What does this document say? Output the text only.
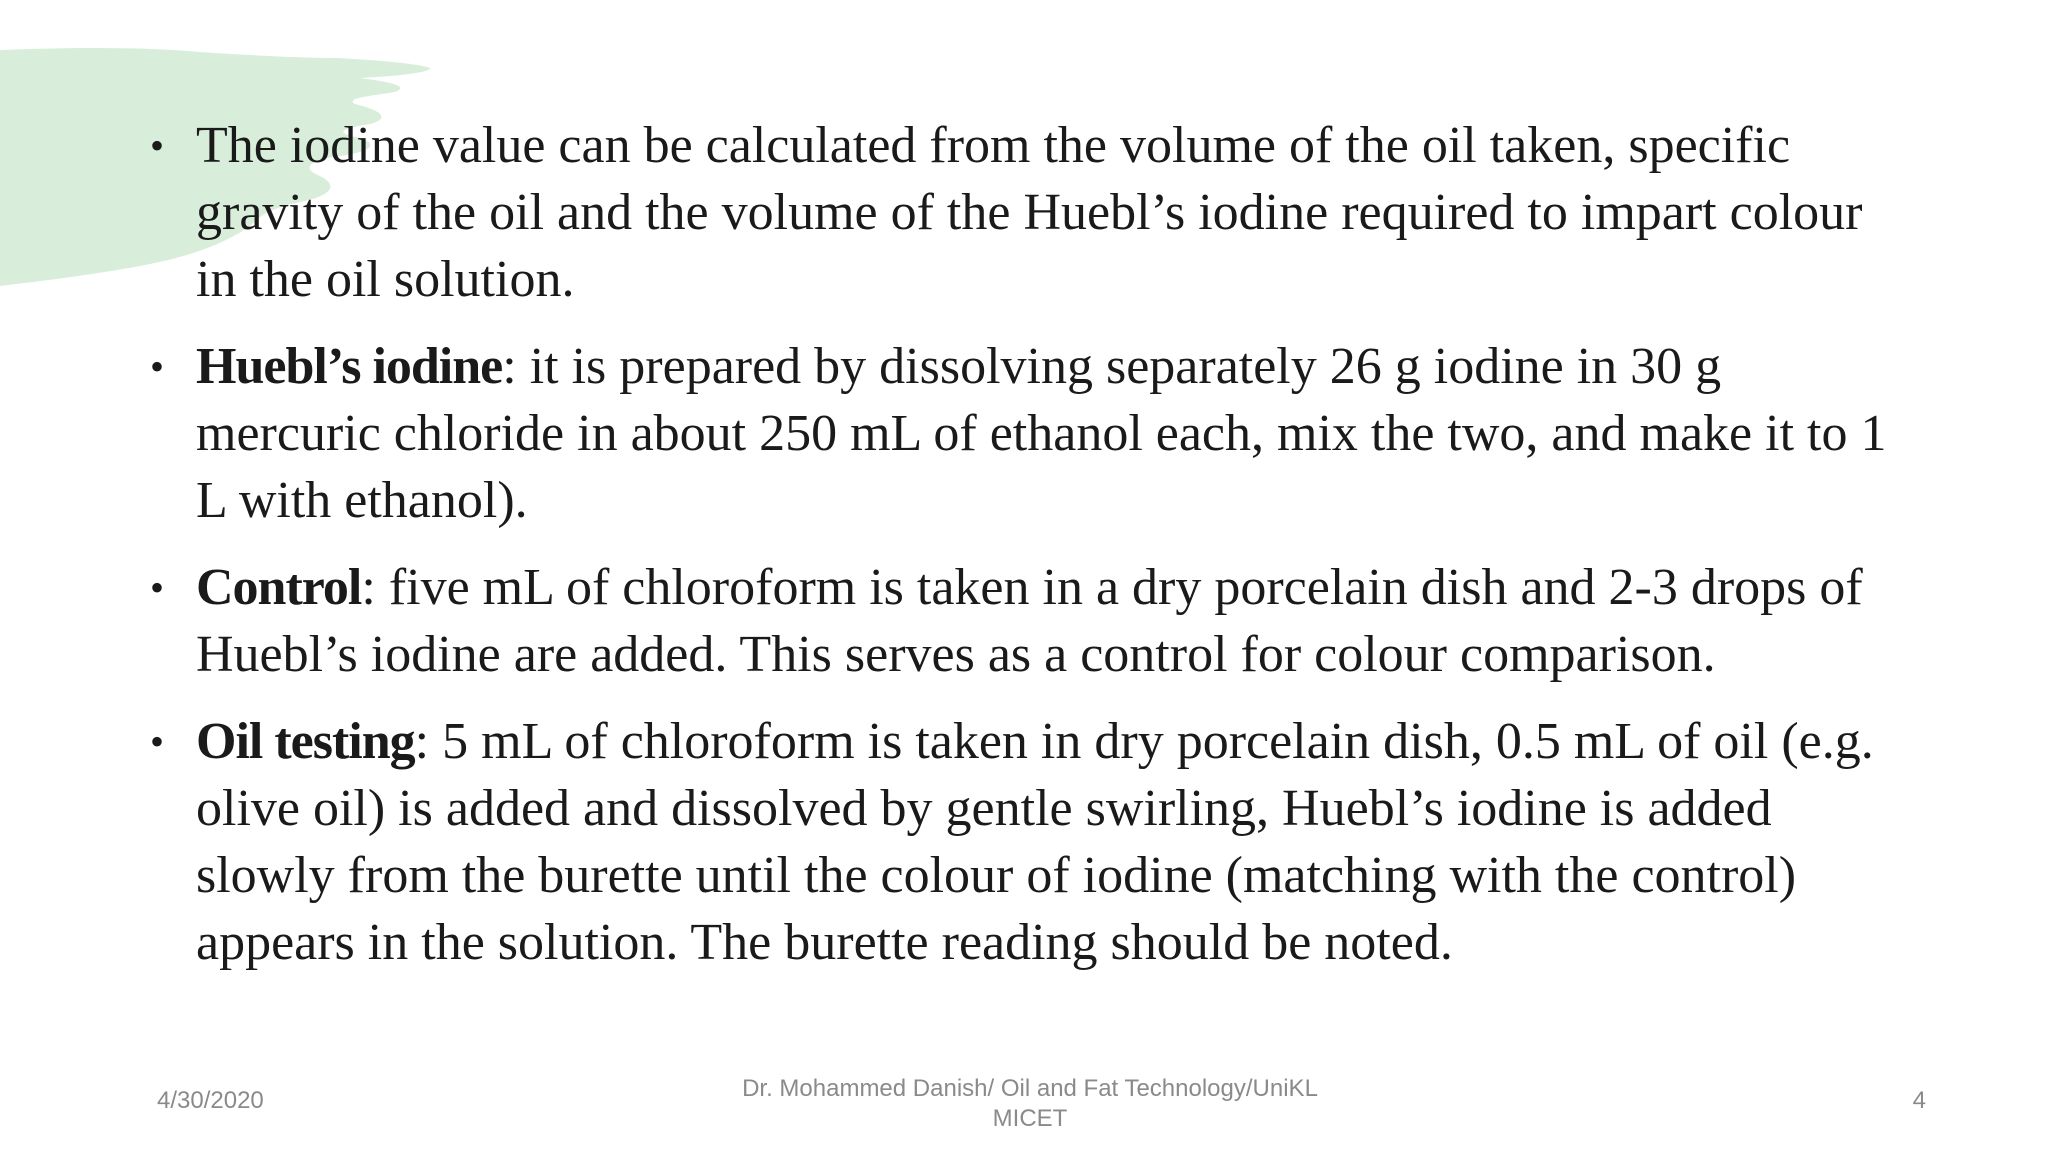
• The iodine value can be calculated from the volume of the oil taken, specific gravity of the oil and the volume of the Huebl’s iodine required to impart colour in the oil solution.
• Huebl’s iodine: it is prepared by dissolving separately 26 g iodine in 30 g mercuric chloride in about 250 mL of ethanol each, mix the two, and make it to 1 L with ethanol).
• Control: five mL of chloroform is taken in a dry porcelain dish and 2-3 drops of Huebl’s iodine are added. This serves as a control for colour comparison.
• Oil testing: 5 mL of chloroform is taken in dry porcelain dish, 0.5 mL of oil (e.g. olive oil) is added and dissolved by gentle swirling, Huebl’s iodine is added slowly from the burette until the colour of iodine (matching with the control) appears in the solution. The burette reading should be noted.
4/30/2020	Dr. Mohammed Danish/ Oil and Fat Technology/UniKL
MICET
4
